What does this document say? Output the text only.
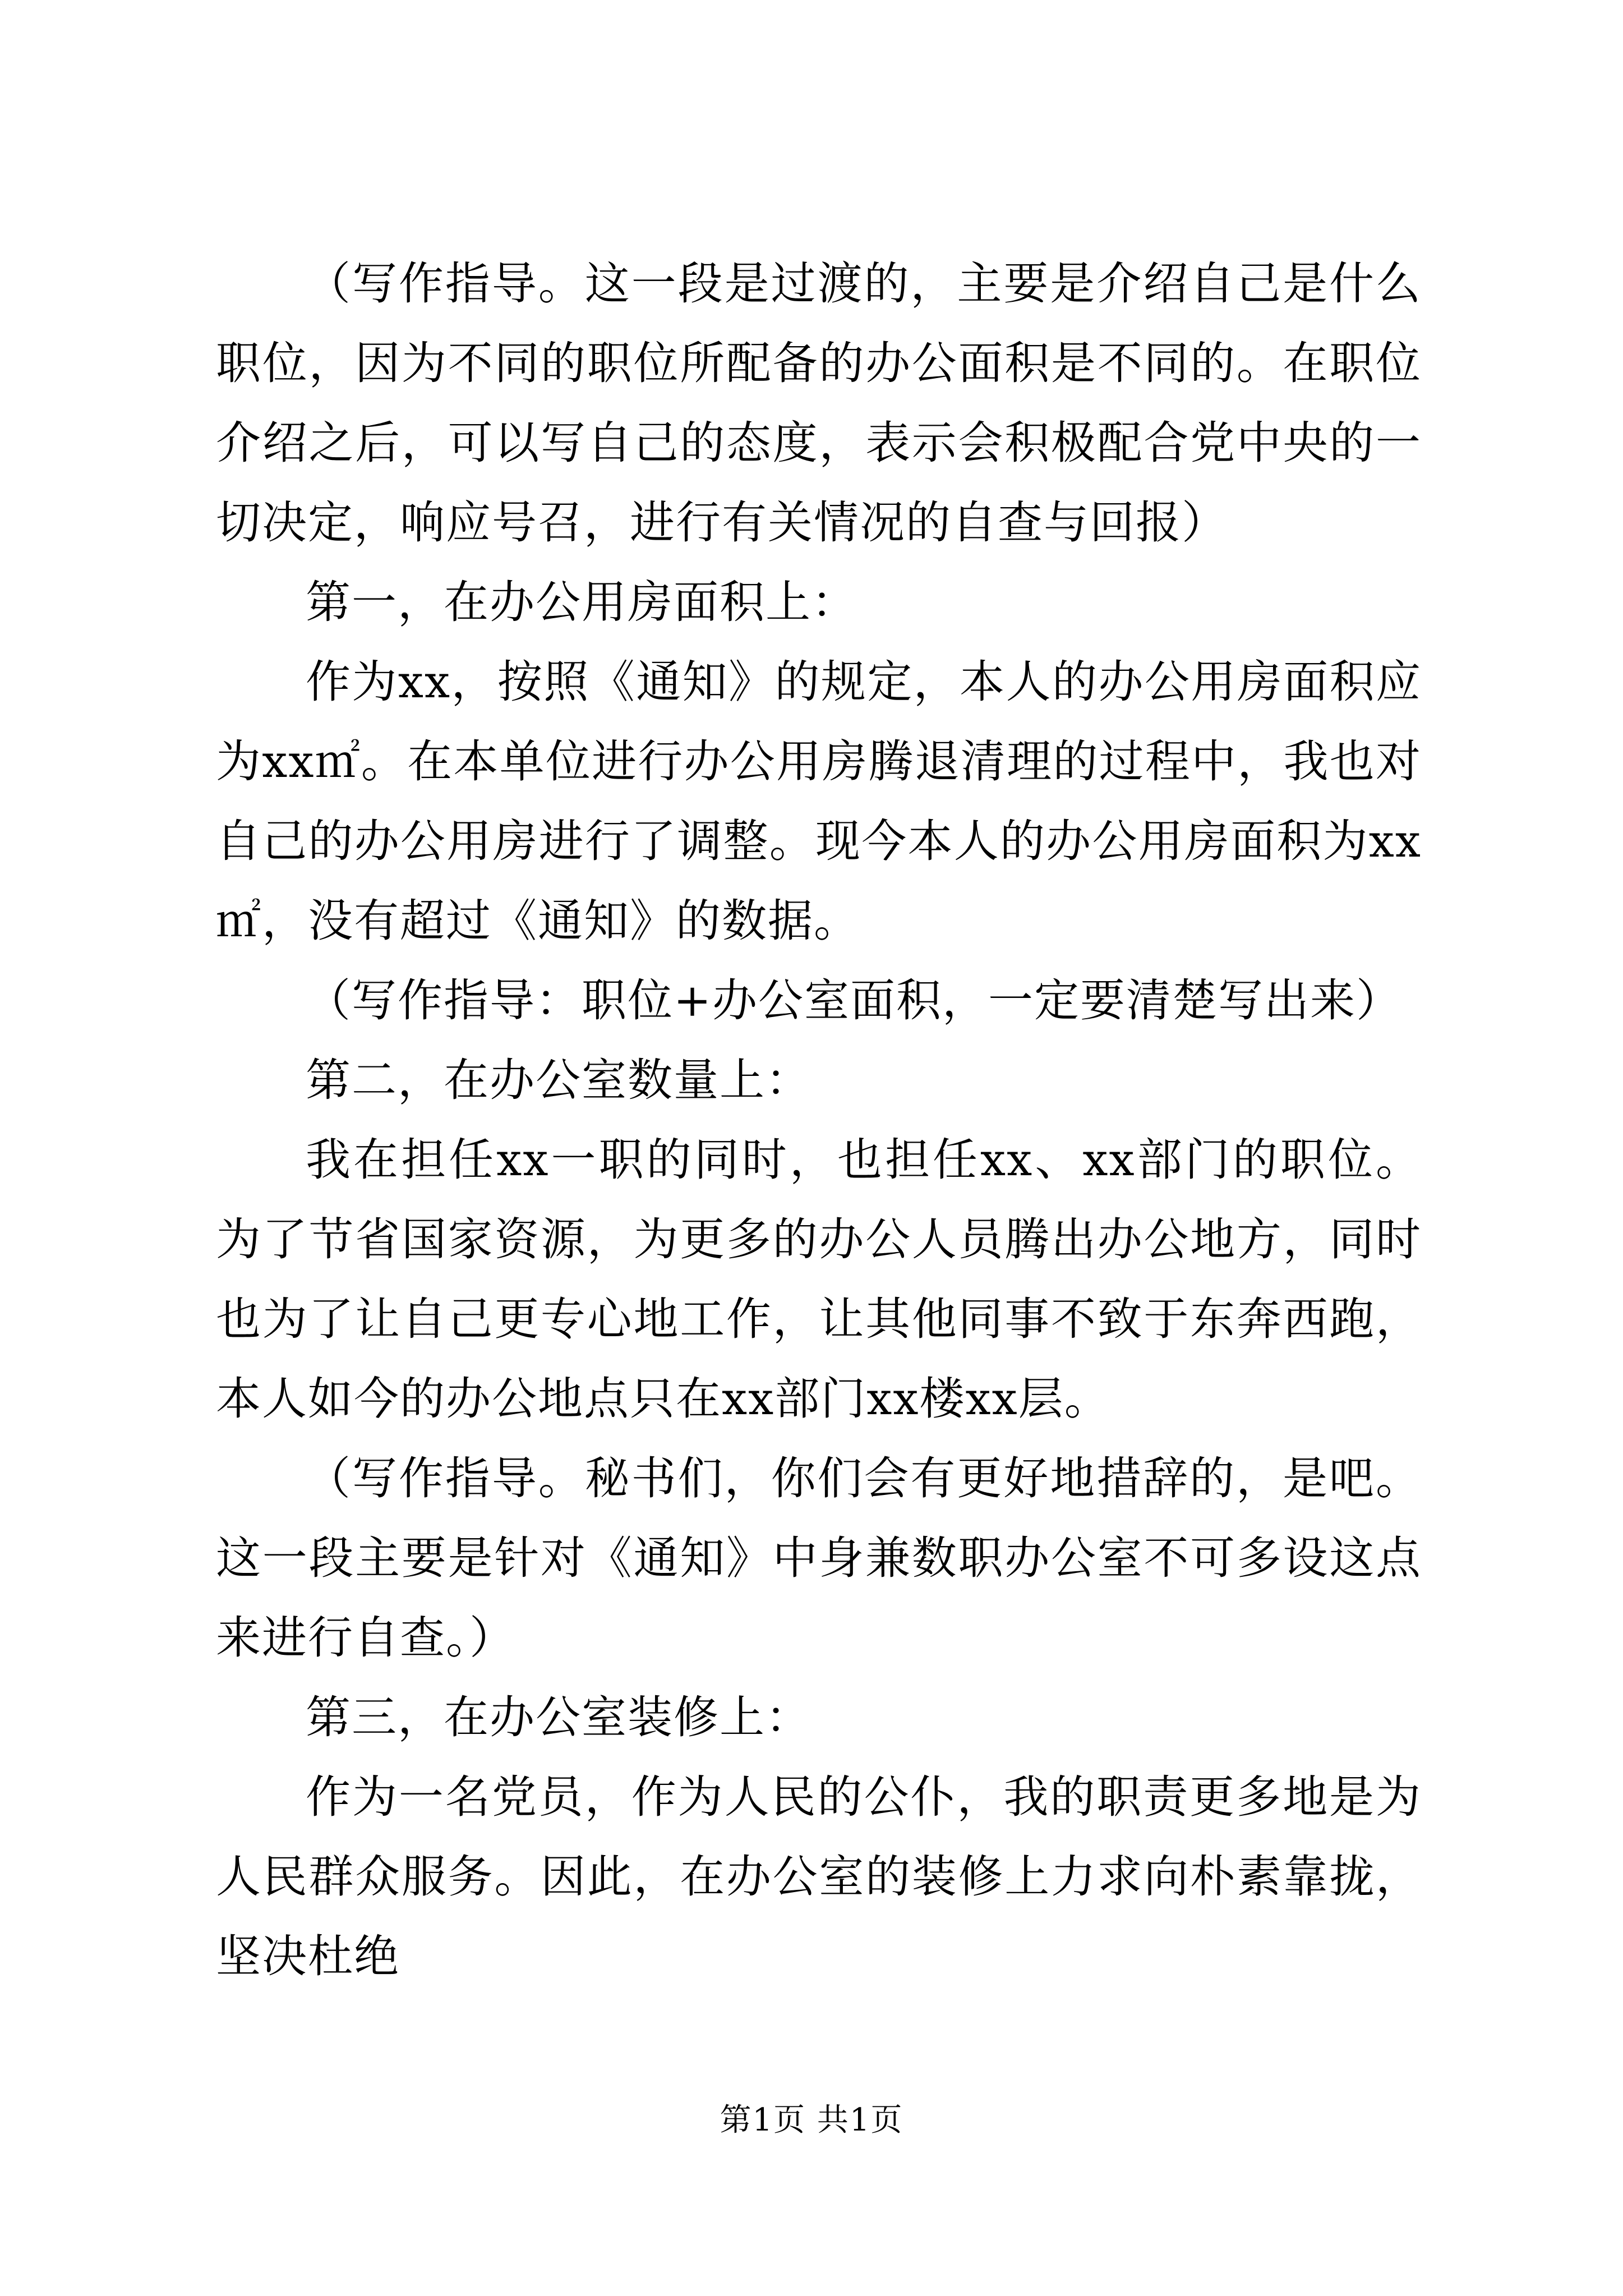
（写作指导。这一段是过渡的，主要是介绍自己是什么职位，因为不同的职位所配备的办公面积是不同的。在职位介绍之后，可以写自己的态度，表示会积极配合党中央的一切决定，响应号召，进行有关情况的自查与回报）

第一，在办公用房面积上：

作为xx，按照《通知》的规定，本人的办公用房面积应为xx㎡。在本单位进行办公用房腾退清理的过程中，我也对自己的办公用房进行了调整。现今本人的办公用房面积为xx㎡，没有超过《通知》的数据。

（写作指导：职位+办公室面积，一定要清楚写出来）

第二，在办公室数量上：

我在担任xx一职的同时，也担任xx、xx部门的职位。为了节省国家资源，为更多的办公人员腾出办公地方，同时也为了让自己更专心地工作，让其他同事不致于东奔西跑，本人如今的办公地点只在xx部门xx楼xx层。

（写作指导。秘书们，你们会有更好地措辞的，是吧。这一段主要是针对《通知》中身兼数职办公室不可多设这点来进行自查。）

第三，在办公室装修上：

作为一名党员，作为人民的公仆，我的职责更多地是为人民群众服务。因此，在办公室的装修上力求向朴素靠拢，坚决杜绝

第1页 共1页
